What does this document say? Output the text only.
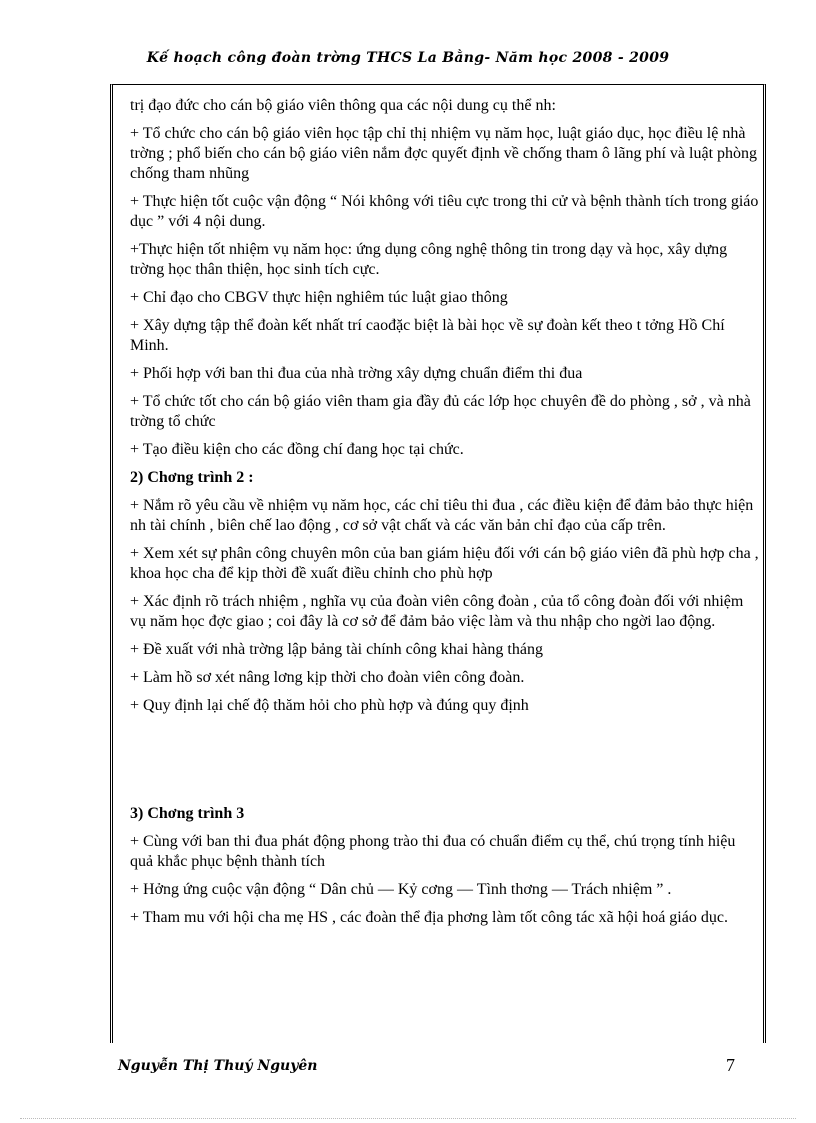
Kế hoạch công đoàn trờng THCS La Bằng- Năm học 2008 - 2009

trị đạo đức cho cán bộ giáo viên thông qua các nội dung cụ thể nh:

+ Tổ chức cho cán bộ giáo viên học tập chỉ thị nhiệm vụ năm học, luật giáo dục, học điều lệ nhà trờng ; phổ biến cho cán bộ giáo viên nắm đợc quyết định về chống tham ô lãng phí và luật phòng chống tham nhũng

+ Thực hiện tốt cuộc vận động “ Nói không với tiêu cực trong thi cử và bệnh thành tích trong giáo dục ” với 4 nội dung.

+Thực hiện tốt nhiệm vụ năm học: ứng dụng công nghệ thông tin trong dạy và học, xây dựng trờng học thân thiện, học sinh tích cực.

+ Chỉ đạo cho CBGV thực hiện nghiêm túc luật giao thông

+ Xây dựng tập thể đoàn kết nhất trí caođặc biệt là bài học về sự đoàn kết theo t tởng Hồ Chí Minh.

+ Phối hợp với ban thi đua của nhà trờng xây dựng chuẩn điểm thi đua

+ Tổ chức tốt cho cán bộ giáo viên tham gia đầy đủ các lớp học chuyên đề do phòng , sở , và nhà trờng tổ chức

+ Tạo điều kiện cho các đồng chí đang học tại chức.

2) Chơng trình 2 :

+ Nắm rõ yêu cầu về nhiệm vụ năm học, các chỉ tiêu thi đua , các điều kiện để đảm bảo thực hiện nh tài chính , biên chế lao động , cơ sở vật chất và các văn bản chỉ đạo của cấp trên.

+ Xem xét sự phân công chuyên môn của ban giám hiệu đối với cán bộ giáo viên đã phù hợp cha , khoa học cha để kịp thời đề xuất điều chỉnh cho phù hợp

+ Xác định rõ trách nhiệm , nghĩa vụ của đoàn viên công đoàn , của tổ công đoàn đối với nhiệm vụ năm học đợc giao ; coi đây là cơ sở để đảm bảo việc làm và thu nhập cho ngời lao động.

+ Đề xuất với nhà trờng lập bảng tài chính công khai hàng tháng

+ Làm hồ sơ xét nâng lơng kịp thời cho đoàn viên công đoàn.

+ Quy định lại chế độ thăm hỏi cho phù hợp và đúng quy định

3) Chơng trình 3

+ Cùng với ban thi đua phát động phong trào thi đua có chuẩn điểm cụ thể, chú trọng tính hiệu quả khắc phục bệnh thành tích

+ Hởng ứng cuộc vận động “ Dân chủ — Kỷ cơng — Tình thơng — Trách nhiệm ” .

+ Tham mu với hội cha mẹ HS , các đoàn thể địa phơng làm tốt công tác xã hội hoá giáo dục.

Nguyễn Thị Thuý Nguyên	7
